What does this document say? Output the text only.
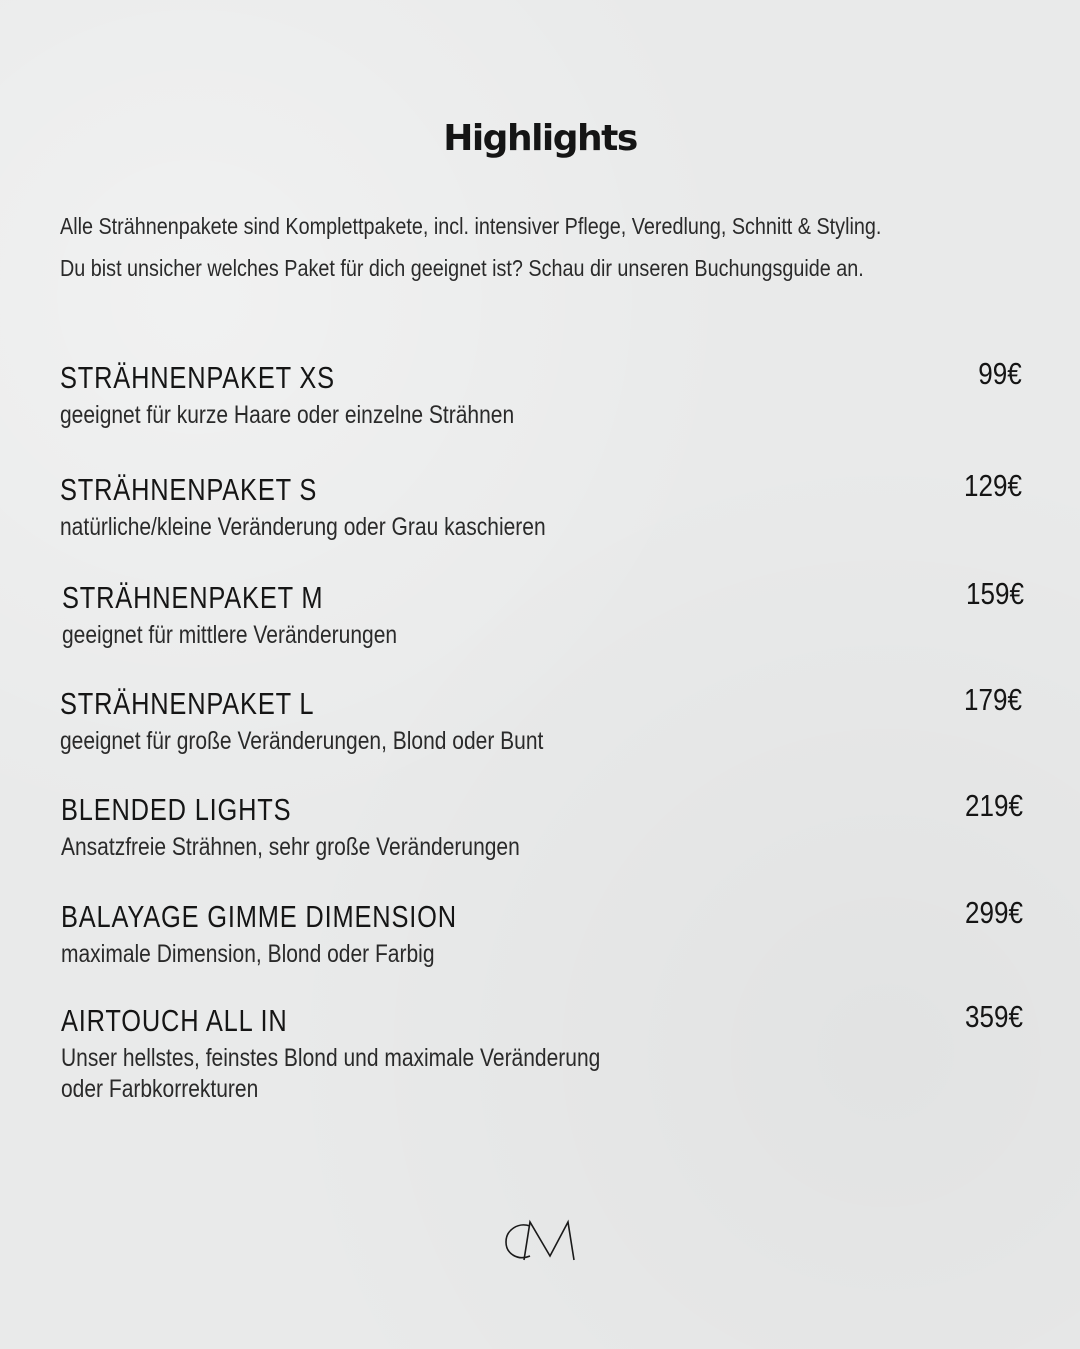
Highlights
Alle Strähnenpakete sind Komplettpakete, incl. intensiver Pflege, Veredlung, Schnitt & Styling.
Du bist unsicher welches Paket für dich geeignet ist? Schau dir unseren Buchungsguide an.
STRÄHNENPAKET XS
geeignet für kurze Haare oder einzelne Strähnen
99€
STRÄHNENPAKET S
natürliche/kleine Veränderung oder Grau kaschieren
129€
STRÄHNENPAKET M
geeignet für mittlere Veränderungen
159€
STRÄHNENPAKET L
geeignet für große Veränderungen, Blond oder Bunt
179€
BLENDED LIGHTS
Ansatzfreie Strähnen, sehr große Veränderungen
219€
BALAYAGE GIMME DIMENSION
maximale Dimension, Blond oder Farbig
299€
AIRTOUCH ALL IN
Unser hellstes, feinstes Blond und maximale Veränderung
oder Farbkorrekturen
359€
